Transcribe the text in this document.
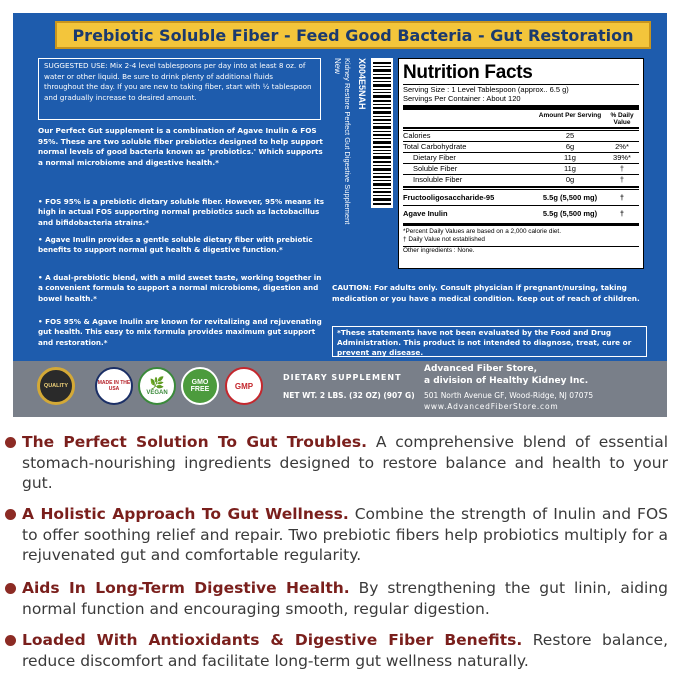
Prebiotic Soluble Fiber - Feed Good Bacteria - Gut Restoration
SUGGESTED USE: Mix 2-4 level tablespoons per day into at least 8 oz. of water or other liquid. Be sure to drink plenty of additional fluids throughout the day. If you are new to taking fiber, start with ½ tablespoon and gradually increase to desired amount.
Our Perfect Gut supplement is a combination of Agave Inulin & FOS 95%. These are two soluble fiber prebiotics designed to help support normal levels of good bacteria known as 'probiotics.' Which supports a normal microbiome and digestive health.*
• FOS 95% is a prebiotic dietary soluble fiber. However, 95% means its high in actual FOS supporting normal prebiotics such as lactobacillus and bifidobacteria strains.*
• Agave Inulin provides a gentle soluble dietary fiber with prebiotic benefits to support normal gut health & digestive function.*
• A dual-prebiotic blend, with a mild sweet taste, working together in a convenient formula to support a normal microbiome, digestion and bowel health.*
• FOS 95% & Agave Inulin are known for revitalizing and rejuvenating gut health. This easy to mix formula provides maximum gut support and restoration.*
New Kidney Restore Perfect Gut Digestive Supplement X004E5NAH Nutrition Facts
Serving Size : 1 Level Tablespoon (approx.. 6.5 g)
Servings Per Container : About 120
Amount Per Serving	% Daily Value
Calories	25
Total Carbohydrate	6g	2%*
Dietary Fiber	11g	39%*
Soluble Fiber	11g	†
Insoluble Fiber	0g	†
Fructooligosaccharide-95	5.5g (5,500 mg)	†
Agave Inulin	5.5g (5,500 mg)	†
*Percent Daily Values are based on a 2,000 calorie diet.
† Daily Value not established
Other ingredients : None.
CAUTION: For adults only. Consult physician if pregnant/nursing, taking medication or you have a medical condition. Keep out of reach of children.
*These statements have not been evaluated by the Food and Drug Administration. This product is not intended to diagnose, treat, cure or prevent any disease.
QUALITY	MADE IN THE USA	🌿
VEGAN
GMO FREE	GMP
DIETARY SUPPLEMENT
NET WT. 2 LBS. (32 OZ) (907 G)
Advanced Fiber Store,
a division of Healthy Kidney Inc.
501 North Avenue GF, Wood-Ridge, NJ 07075
www.AdvancedFiberStore.com
The Perfect Solution To Gut Troubles. A comprehensive blend of essential stomach-nourishing ingredients designed to restore balance and health to your gut.
A Holistic Approach To Gut Wellness. Combine the strength of Inulin and FOS to offer soothing relief and repair. Two prebiotic fibers help probiotics multiply for a rejuvenated gut and comfortable regularity.
Aids In Long-Term Digestive Health. By strengthening the gut linin, aiding normal function and encouraging smooth, regular digestion.
Loaded With Antioxidants & Digestive Fiber Benefits. Restore balance, reduce discomfort and facilitate long-term gut wellness naturally.
